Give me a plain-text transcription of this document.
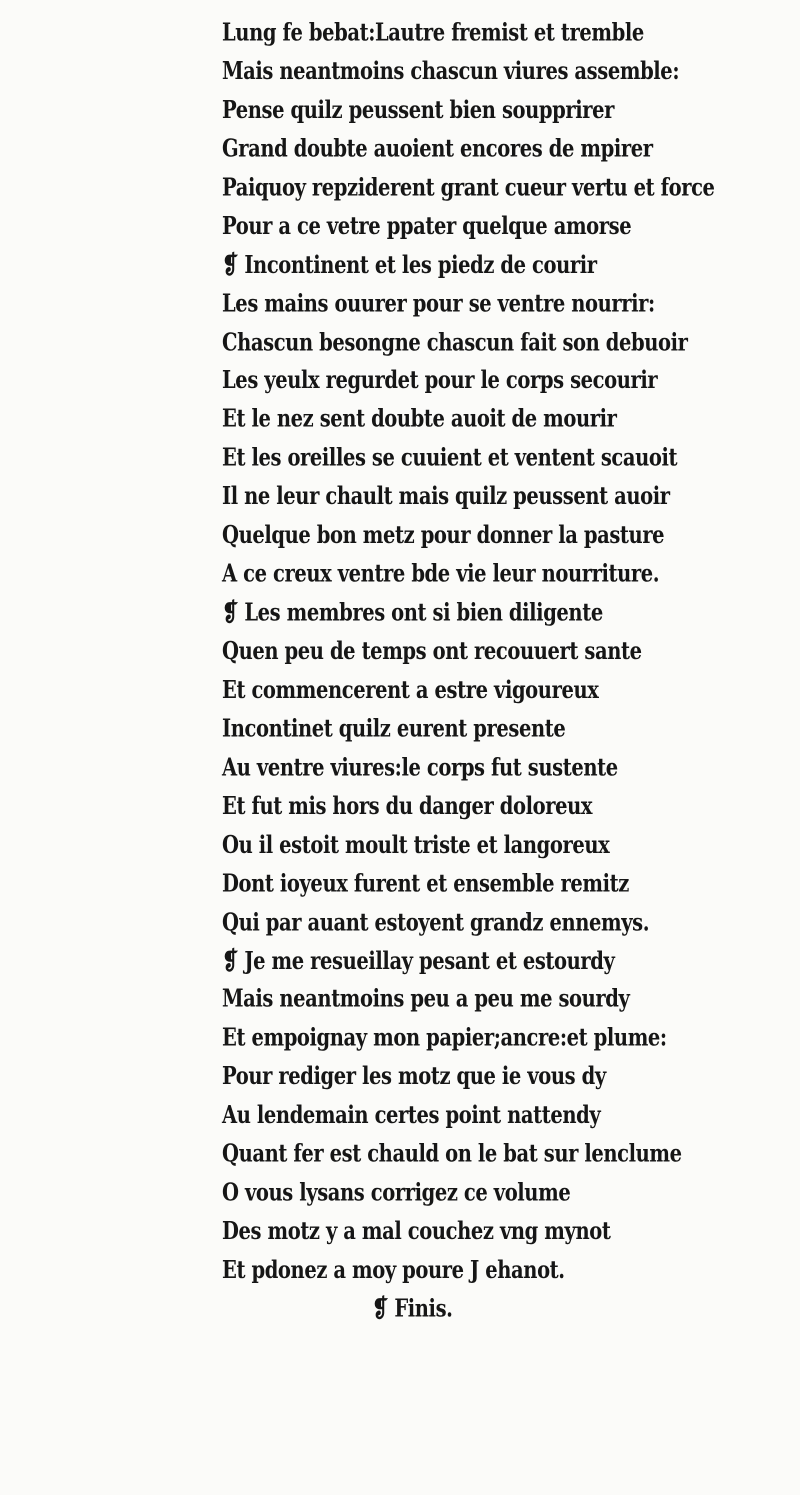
Lung fe bebat:Lautre fremist et tremble
Mais neantmoins chascun viures assemble:
Pense quilz peussent bien soupprirer
Grand doubte auoient encores de mpirer
Paiquoy repziderent grant cueur vertu et force
Pour a ce vetre ppater quelque amorse
❡ Incontinent et les piedz de courir
Les mains ouurer pour se ventre nourrir:
Chascun besongne chascun fait son debuoir
Les yeulx regurdet pour le corps secourir
Et le nez sent doubte auoit de mourir
Et les oreilles se cuuient et ventent scauoit
Il ne leur chault mais quilz peussent auoir
Quelque bon metz pour donner la pasture
A ce creux ventre bde vie leur nourriture.
❡ Les membres ont si bien diligente
Quen peu de temps ont recouuert sante
Et commencerent a estre vigoureux
Incontinet quilz eurent presente
Au ventre viures:le corps fut sustente
Et fut mis hors du danger doloreux
Ou il estoit moult triste et langoreux
Dont ioyeux furent et ensemble remitz
Qui par auant estoyent grandz ennemys.
❡ Je me resueillay pesant et estourdy
Mais neantmoins peu a peu me sourdy
Et empoignay mon papier;ancre:et plume:
Pour rediger les motz que ie vous dy
Au lendemain certes point nattendy
Quant fer est chauld on le bat sur lenclume
O vous lysans corrigez ce volume
Des motz y a mal couchez vng mynot
Et pdonez a moy poure J ehanot.
❡ Finis.
